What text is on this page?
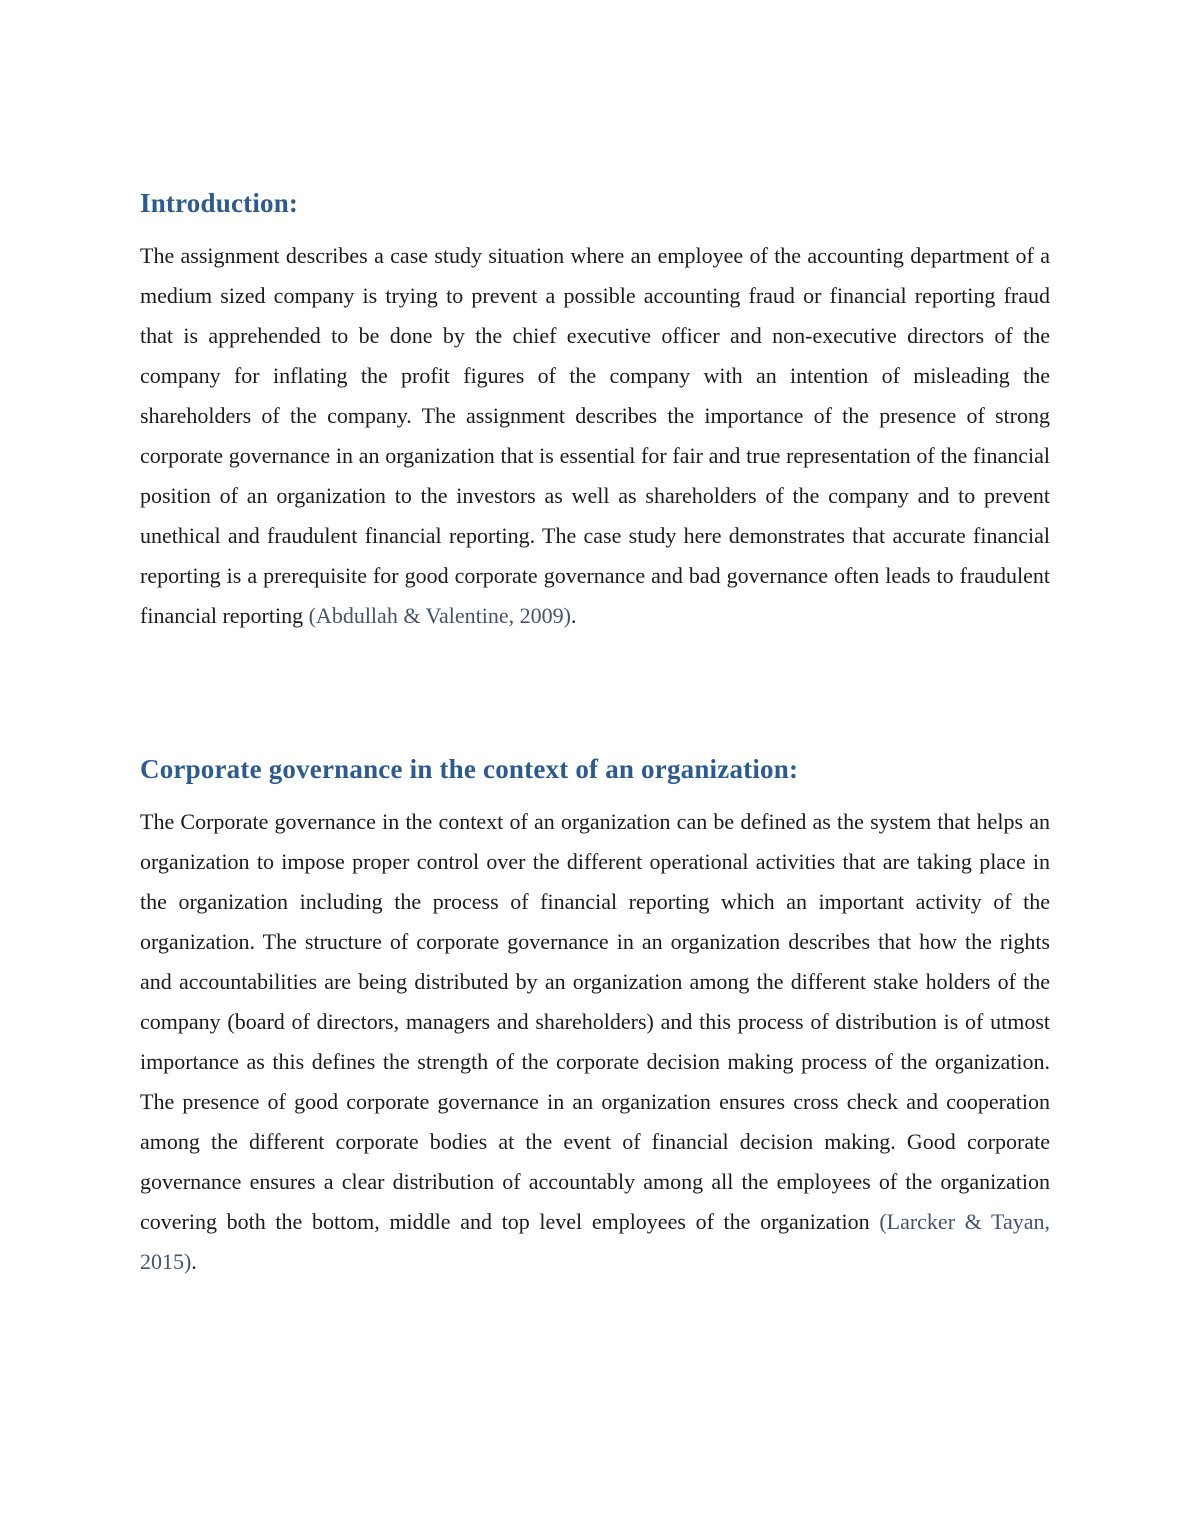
Introduction:

The assignment describes a case study situation where an employee of the accounting department of a medium sized company is trying to prevent a possible accounting fraud or financial reporting fraud that is apprehended to be done by the chief executive officer and non-executive directors of the company for inflating the profit figures of the company with an intention of misleading the shareholders of the company. The assignment describes the importance of the presence of strong corporate governance in an organization that is essential for fair and true representation of the financial position of an organization to the investors as well as shareholders of the company and to prevent unethical and fraudulent financial reporting. The case study here demonstrates that accurate financial reporting is a prerequisite for good corporate governance and bad governance often leads to fraudulent financial reporting (Abdullah & Valentine, 2009).

Corporate governance in the context of an organization:

The Corporate governance in the context of an organization can be defined as the system that helps an organization to impose proper control over the different operational activities that are taking place in the organization including the process of financial reporting which an important activity of the organization. The structure of corporate governance in an organization describes that how the rights and accountabilities are being distributed by an organization among the different stake holders of the company (board of directors, managers and shareholders) and this process of distribution is of utmost importance as this defines the strength of the corporate decision making process of the organization. The presence of good corporate governance in an organization ensures cross check and cooperation among the different corporate bodies at the event of financial decision making. Good corporate governance ensures a clear distribution of accountably among all the employees of the organization covering both the bottom, middle and top level employees of the organization (Larcker & Tayan, 2015).
